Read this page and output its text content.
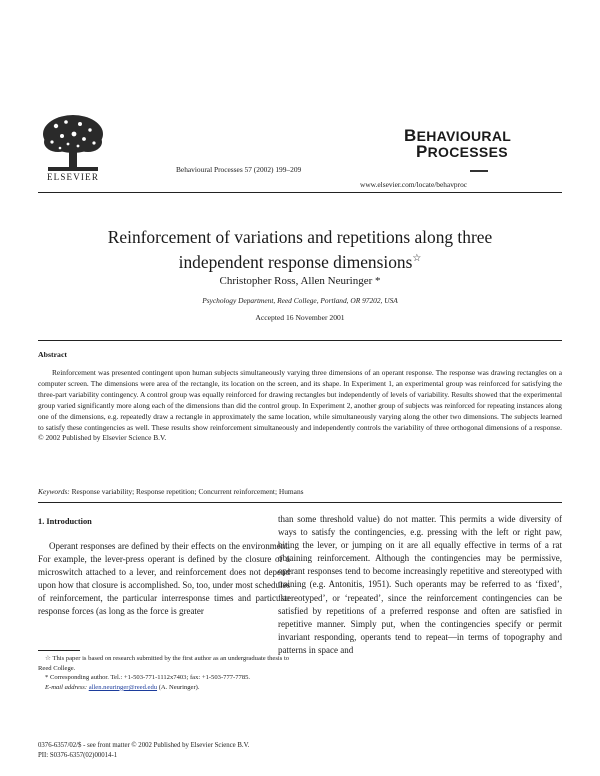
ELSEVIER
Behavioural Processes 57 (2002) 199–209
BEHAVIOURAL
PROCESSES
www.elsevier.com/locate/behavproc
Reinforcement of variations and repetitions along three
independent response dimensions☆
Christopher Ross, Allen Neuringer *
Psychology Department, Reed College, Portland, OR 97202, USA
Accepted 16 November 2001
Abstract
Reinforcement was presented contingent upon human subjects simultaneously varying three dimensions of an operant response. The response was drawing rectangles on a computer screen. The dimensions were area of the rectangle, its location on the screen, and its shape. In Experiment 1, an experimental group was reinforced for satisfying the three-part variability contingency. A control group was equally reinforced for drawing rectangles but independently of levels of variability. Results showed that the experimental group varied significantly more along each of the dimensions than did the control group. In Experiment 2, another group of subjects was reinforced for repeating instances along one of the dimensions, e.g. repeatedly draw a rectangle in approximately the same location, while simultaneously varying along the other two dimensions. The subjects learned to satisfy these contingencies as well. These results show reinforcement simultaneously and independently controls the variability of three orthogonal dimensions of a response. © 2002 Published by Elsevier Science B.V.
Keywords: Response variability; Response repetition; Concurrent reinforcement; Humans
1. Introduction
Operant responses are defined by their effects on the environment. For example, the lever-press operant is defined by the closure of a microswitch attached to a lever, and reinforcement does not depend upon how that closure is accomplished. So, too, under most schedules of reinforcement, the particular interresponse times and particular response forces (as long as the force is greater
than some threshold value) do not matter. This permits a wide diversity of ways to satisfy the contingencies, e.g. pressing with the left or right paw, biting the lever, or jumping on it are all equally effective in terms of a rat obtaining reinforcement. Although the contingencies may be permissive, operant responses tend to become increasingly repetitive and stereotyped with training (e.g. Antonitis, 1951). Such operants may be referred to as ‘fixed’, ‘stereotyped’, or ‘repeated’, since the reinforcement contingencies can be satisfied by repetitions of a preferred response and often are satisfied in repetitive manner. Simply put, when the contingencies specify or permit invariant responding, operants tend to repeat—in terms of topography and patterns in space and
☆ This paper is based on research submitted by the first author as an undergraduate thesis to Reed College.
* Corresponding author. Tel.: +1-503-771-1112x7403; fax: +1-503-777-7785.
E-mail address: allen.neuringer@reed.edu (A. Neuringer).
0376-6357/02/$ - see front matter © 2002 Published by Elsevier Science B.V.
PII: S0376-6357(02)00014-1
